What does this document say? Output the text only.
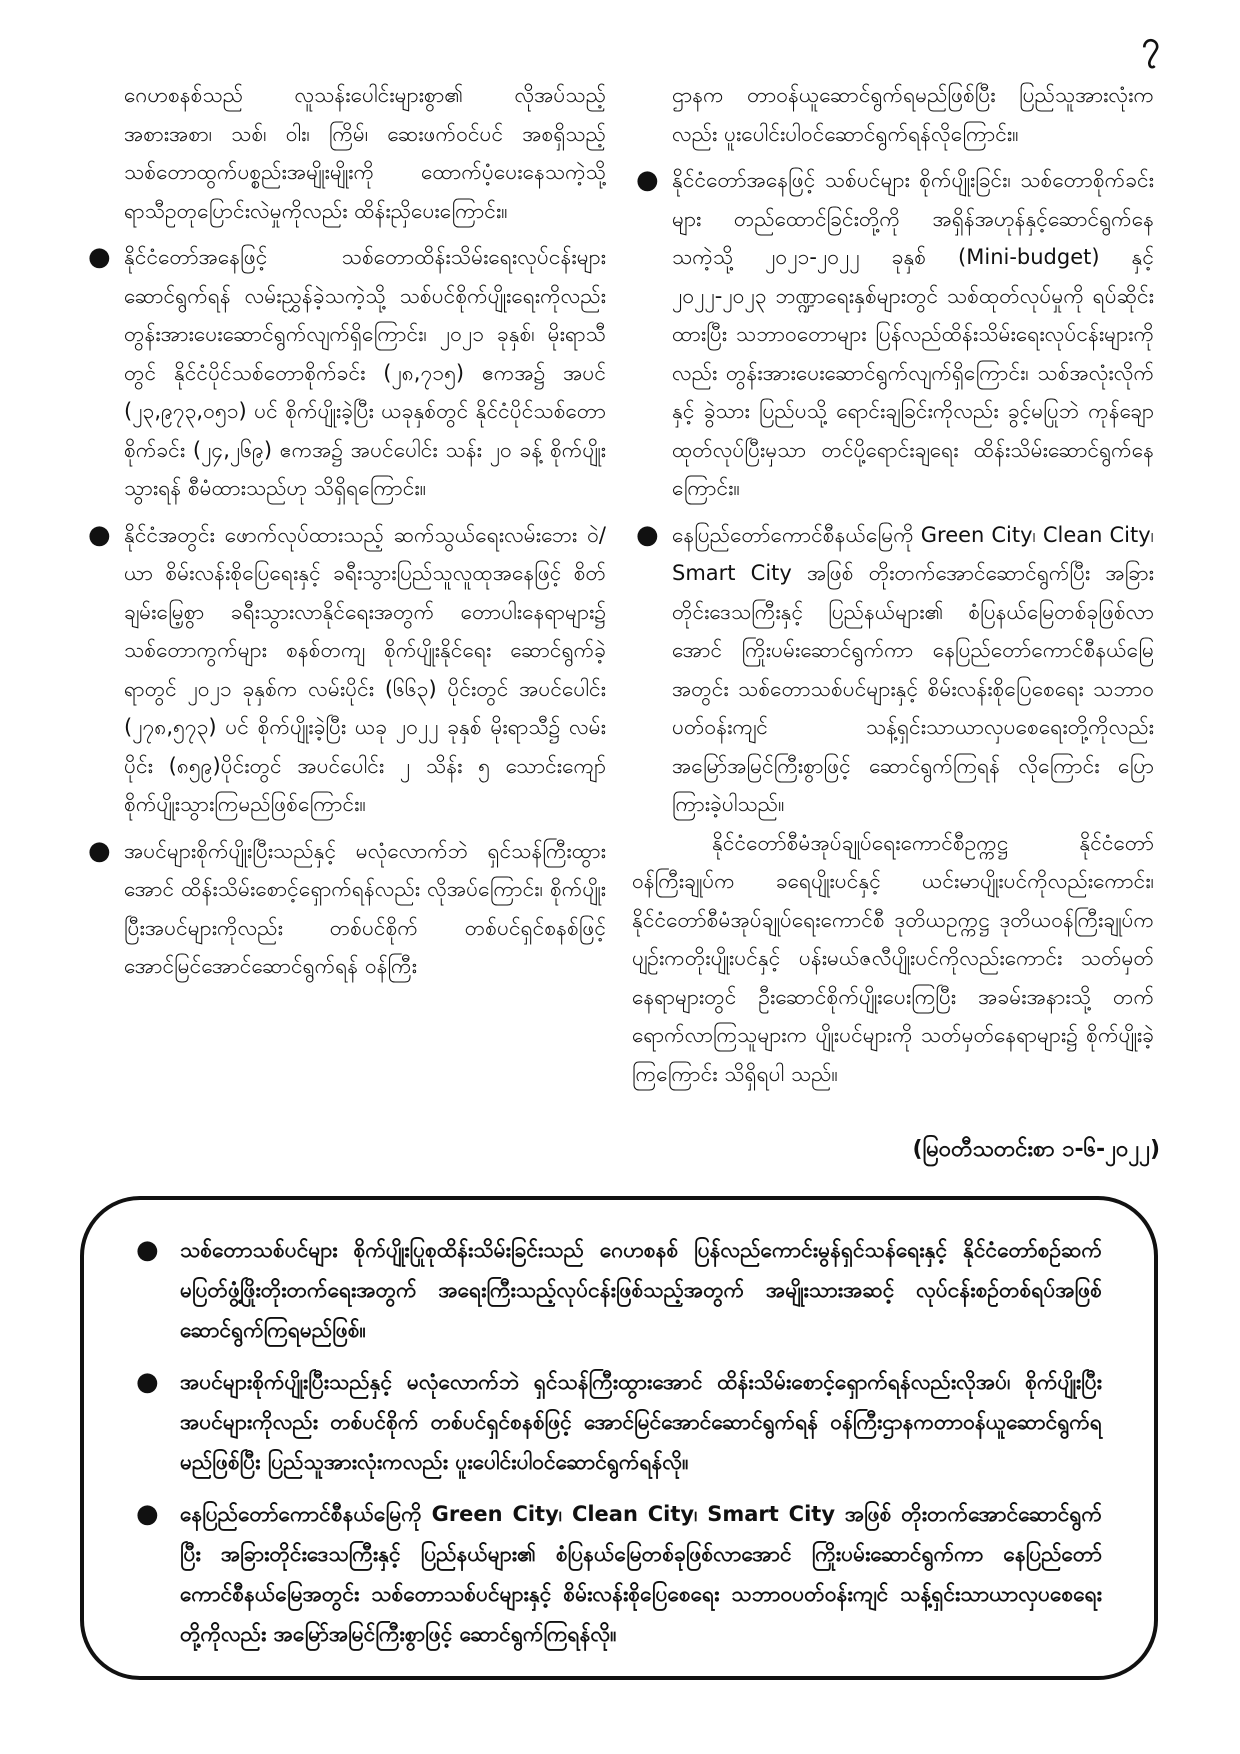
၇

ဂေဟစနစ်သည် လူသန်းပေါင်းများစွာ၏ လိုအပ်သည့် အစားအစာ၊ သစ်၊ ဝါး၊ ကြိမ်၊ ဆေးဖက်ဝင်ပင် အစရှိသည့် သစ်တောထွက်ပစ္စည်းအမျိုးမျိုးကို ထောက်ပံ့ပေးနေသကဲ့သို့ ရာသီဥတုပြောင်းလဲမှုကိုလည်း ထိန်းညှိပေးကြောင်း။

● နိုင်ငံတော်အနေဖြင့် သစ်တောထိန်းသိမ်းရေးလုပ်ငန်းများ ဆောင်ရွက်ရန် လမ်းညွှန်ခဲ့သကဲ့သို့ သစ်ပင်စိုက်ပျိုးရေးကိုလည်း တွန်းအားပေးဆောင်ရွက်လျက်ရှိကြောင်း၊ ၂၀၂၁ ခုနှစ်၊ မိုးရာသီတွင် နိုင်ငံပိုင်သစ်တောစိုက်ခင်း (၂၈,၇၁၅) ဧကအ၌ အပင် (၂၃,၉၇၃,၀၅၁) ပင် စိုက်ပျိုးခဲ့ပြီး ယခုနှစ်တွင် နိုင်ငံပိုင်သစ်တောစိုက်ခင်း (၂၄,၂၆၉) ဧကအ၌ အပင်ပေါင်း သန်း ၂၀ ခန့် စိုက်ပျိုးသွားရန် စီမံထားသည်ဟု သိရှိရကြောင်း။
● နိုင်ငံအတွင်း ဖောက်လုပ်ထားသည့် ဆက်သွယ်ရေးလမ်းဘေး ဝဲ/ယာ စိမ်းလန်းစိုပြေရေးနှင့် ခရီးသွားပြည်သူလူထုအနေဖြင့် စိတ်ချမ်းမြေ့စွာ ခရီးသွားလာနိုင်ရေးအတွက် တောပါးနေရာများ၌ သစ်တောကွက်များ စနစ်တကျ စိုက်ပျိုးနိုင်ရေး ဆောင်ရွက်ခဲ့ရာတွင် ၂၀၂၁ ခုနှစ်က လမ်းပိုင်း (၆၆၃) ပိုင်းတွင် အပင်ပေါင်း (၂၇၈,၅၇၃) ပင် စိုက်ပျိုးခဲ့ပြီး ယခု ၂၀၂၂ ခုနှစ် မိုးရာသီ၌ လမ်းပိုင်း (၈၅၉)ပိုင်းတွင် အပင်ပေါင်း ၂ သိန်း ၅ သောင်းကျော် စိုက်ပျိုးသွားကြမည်ဖြစ်ကြောင်း။
● အပင်များစိုက်ပျိုးပြီးသည်နှင့် မလုံလောက်ဘဲ ရှင်သန်ကြီးထွားအောင် ထိန်းသိမ်းစောင့်ရှောက်ရန်လည်း လိုအပ်ကြောင်း၊ စိုက်ပျိုးပြီးအပင်များကိုလည်း တစ်ပင်စိုက် တစ်ပင်ရှင်စနစ်ဖြင့် အောင်မြင်အောင်ဆောင်ရွက်ရန် ဝန်ကြီး

ဌာနက တာဝန်ယူဆောင်ရွက်ရမည်ဖြစ်ပြီး ပြည်သူအားလုံးကလည်း ပူးပေါင်းပါဝင်ဆောင်ရွက်ရန်လိုကြောင်း။

● နိုင်ငံတော်အနေဖြင့် သစ်ပင်များ စိုက်ပျိုးခြင်း၊ သစ်တောစိုက်ခင်းများ တည်ထောင်ခြင်းတို့ကို အရှိန်အဟုန်နှင့်ဆောင်ရွက်နေသကဲ့သို့ ၂၀၂၁-၂၀၂၂ ခုနှစ် (Mini-budget) နှင့် ၂၀၂၂-၂၀၂၃ ဘဏ္ဍာရေးနှစ်များတွင် သစ်ထုတ်လုပ်မှုကို ရပ်ဆိုင်းထားပြီး သဘာဝတောများ ပြန်လည်ထိန်းသိမ်းရေးလုပ်ငန်းများကိုလည်း တွန်းအားပေးဆောင်ရွက်လျက်ရှိကြောင်း၊ သစ်အလုံးလိုက်နှင့် ခွဲသား ပြည်ပသို့ ရောင်းချခြင်းကိုလည်း ခွင့်မပြုဘဲ ကုန်ချောထုတ်လုပ်ပြီးမှသာ တင်ပို့ရောင်းချရေး ထိန်းသိမ်းဆောင်ရွက်နေကြောင်း။
● နေပြည်တော်ကောင်စီနယ်မြေကို Green City၊ Clean City၊ Smart City အဖြစ် တိုးတက်အောင်ဆောင်ရွက်ပြီး အခြားတိုင်းဒေသကြီးနှင့် ပြည်နယ်များ၏ စံပြနယ်မြေတစ်ခုဖြစ်လာအောင် ကြိုးပမ်းဆောင်ရွက်ကာ နေပြည်တော်ကောင်စီနယ်မြေအတွင်း သစ်တောသစ်ပင်များနှင့် စိမ်းလန်းစိုပြေစေရေး သဘာဝပတ်ဝန်းကျင် သန့်ရှင်းသာယာလှပစေရေးတို့ကိုလည်း အမြော်အမြင်ကြီးစွာဖြင့် ဆောင်ရွက်ကြရန် လိုကြောင်း ပြောကြားခဲ့ပါသည်။

နိုင်ငံတော်စီမံအုပ်ချုပ်ရေးကောင်စီဥက္ကဋ္ဌ နိုင်ငံတော်ဝန်ကြီးချုပ်က ခရေပျိုးပင်နှင့် ယင်းမာပျိုးပင်ကိုလည်းကောင်း၊ နိုင်ငံတော်စီမံအုပ်ချုပ်ရေးကောင်စီ ဒုတိယဥက္ကဋ္ဌ ဒုတိယဝန်ကြီးချုပ်က ပျဉ်းကတိုးပျိုးပင်နှင့် ပန်းမယ်ဇလီပျိုးပင်ကိုလည်းကောင်း သတ်မှတ်နေရာများတွင် ဦးဆောင်စိုက်ပျိုးပေးကြပြီး အခမ်းအနားသို့ တက်ရောက်လာကြသူများက ပျိုးပင်များကို သတ်မှတ်နေရာများ၌ စိုက်ပျိုးခဲ့ကြကြောင်း သိရှိရပါ သည်။

(မြဝတီသတင်းစာ ၁-၆-၂၀၂၂)
● သစ်တောသစ်ပင်များ စိုက်ပျိုးပြုစုထိန်းသိမ်းခြင်းသည် ဂေဟစနစ် ပြန်လည်ကောင်းမွန်ရှင်သန်ရေးနှင့် နိုင်ငံတော်စဉ်ဆက်မပြတ်ဖွံ့ဖြိုးတိုးတက်ရေးအတွက် အရေးကြီးသည့်လုပ်ငန်းဖြစ်သည့်အတွက် အမျိုးသားအဆင့် လုပ်ငန်းစဉ်တစ်ရပ်အဖြစ် ဆောင်ရွက်ကြရမည်ဖြစ်။
● အပင်များစိုက်ပျိုးပြီးသည်နှင့် မလုံလောက်ဘဲ ရှင်သန်ကြီးထွားအောင် ထိန်းသိမ်းစောင့်ရှောက်ရန်လည်းလိုအပ်၊ စိုက်ပျိုးပြီးအပင်များကိုလည်း တစ်ပင်စိုက် တစ်ပင်ရှင်စနစ်ဖြင့် အောင်မြင်အောင်ဆောင်ရွက်ရန် ဝန်ကြီးဌာနကတာဝန်ယူဆောင်ရွက်ရမည်ဖြစ်ပြီး ပြည်သူအားလုံးကလည်း ပူးပေါင်းပါဝင်ဆောင်ရွက်ရန်လို။
● နေပြည်တော်ကောင်စီနယ်မြေကို Green City၊ Clean City၊ Smart City အဖြစ် တိုးတက်အောင်ဆောင်ရွက်ပြီး အခြားတိုင်းဒေသကြီးနှင့် ပြည်နယ်များ၏ စံပြနယ်မြေတစ်ခုဖြစ်လာအောင် ကြိုးပမ်းဆောင်ရွက်ကာ နေပြည်တော်ကောင်စီနယ်မြေအတွင်း သစ်တောသစ်ပင်များနှင့် စိမ်းလန်းစိုပြေစေရေး သဘာဝပတ်ဝန်းကျင် သန့်ရှင်းသာယာလှပစေရေးတို့ကိုလည်း အမြော်အမြင်ကြီးစွာဖြင့် ဆောင်ရွက်ကြရန်လို။
